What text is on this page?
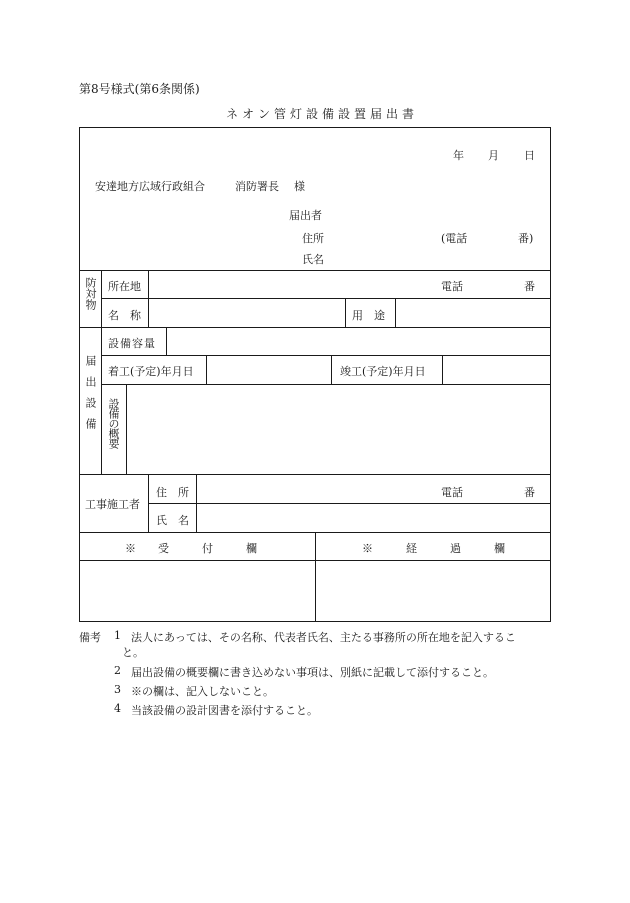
第8号様式(第6条関係)
ネオン管灯設備設置届出書
年 月 日
安達地方広域行政組合	消防署長 様
届出者
住所	(電話	番)
氏名
防対物 所在地	電話	番
名　称	用　途
届出設備
設備容量
着工(予定)年月日	竣工(予定)年月日
設備の概要
工事施工者
住　所	電話	番
氏　名
※　　受　　　付　　　欄	※　　　経　　　過　　　欄
備考 1 法人にあっては、その名称、代表者氏名、主たる事務所の所在地を記入するこ
と。
2 届出設備の概要欄に書き込めない事項は、別紙に記載して添付すること。
3 ※の欄は、記入しないこと。
4 当該設備の設計図書を添付すること。
